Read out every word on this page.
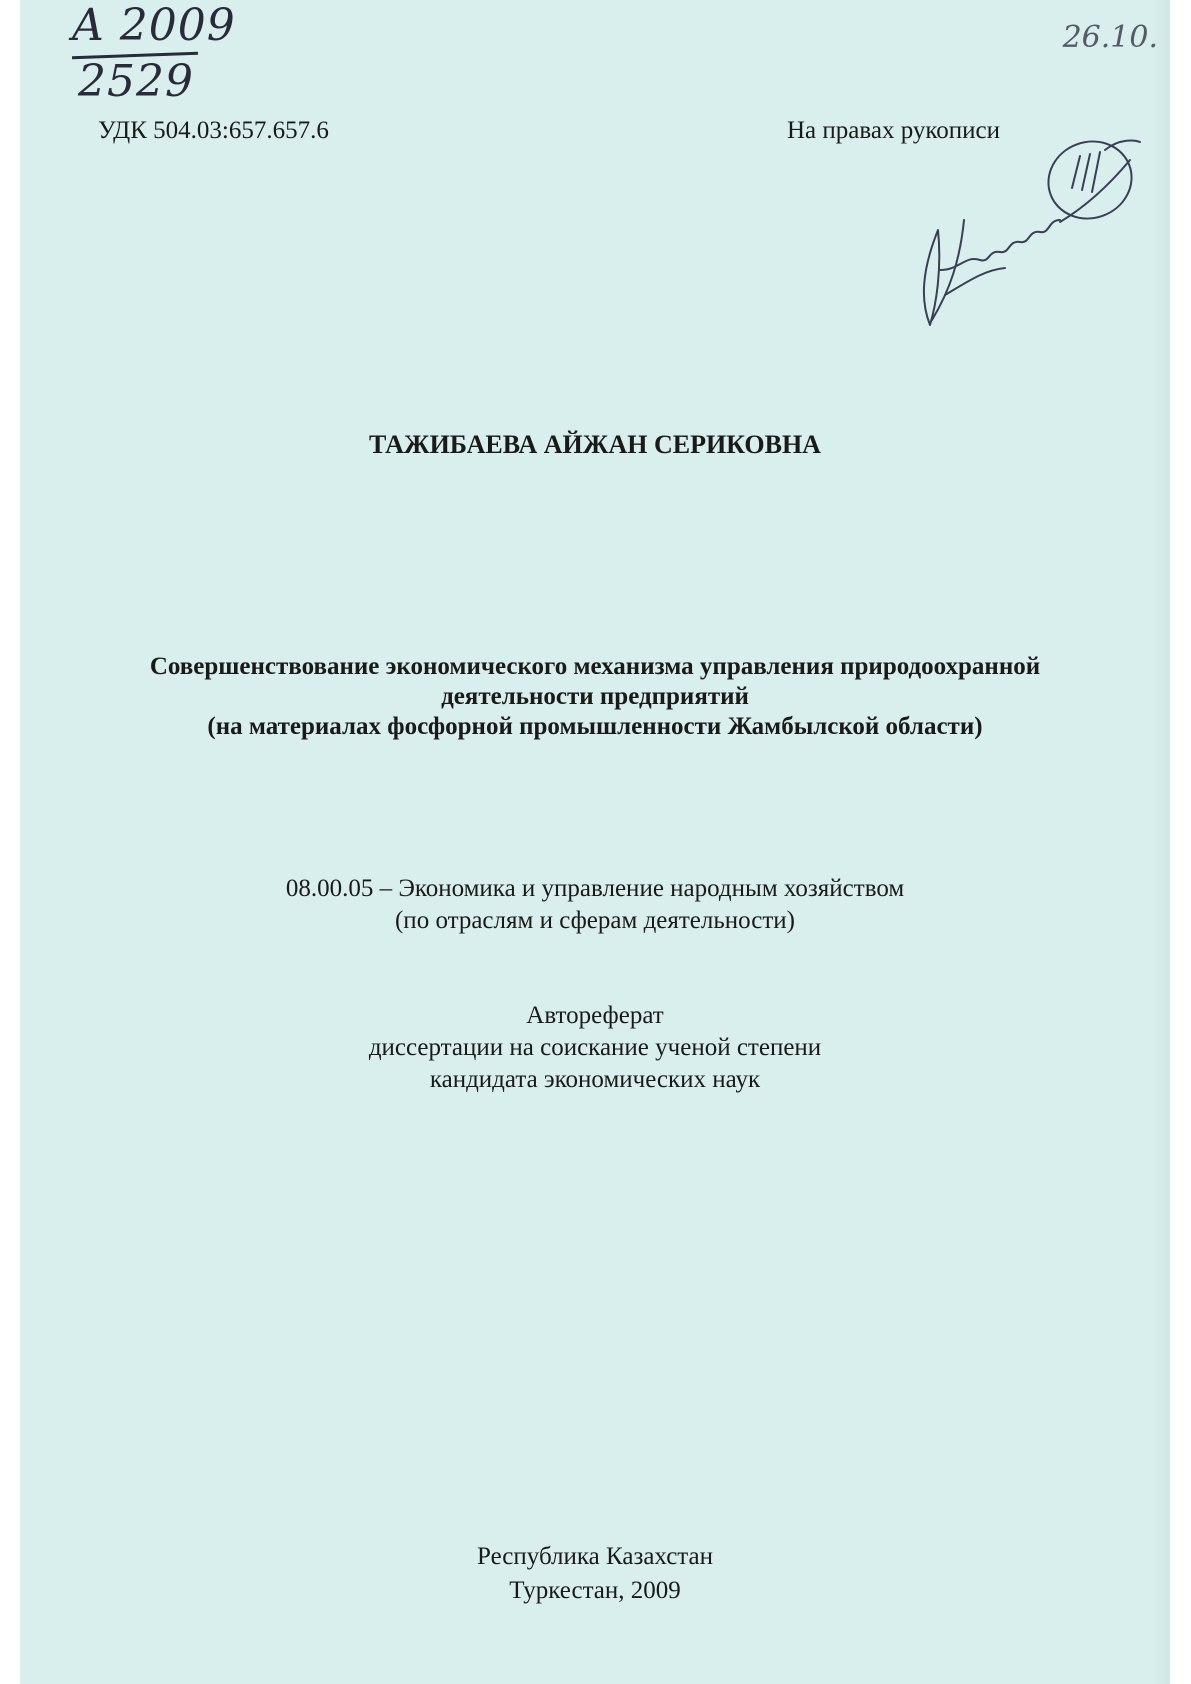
A 2009
2529
26.10.
УДК 504.03:657.657.6	На правах рукописи
ТАЖИБАЕВА АЙЖАН СЕРИКОВНА
Совершенствование экономического механизма управления природоохранной
деятельности предприятий
(на материалах фосфорной промышленности Жамбылской области)
08.00.05 – Экономика и управление народным хозяйством
(по отраслям и сферам деятельности)
Автореферат
диссертации на соискание ученой степени
кандидата экономических наук
Республика Казахстан
Туркестан, 2009
